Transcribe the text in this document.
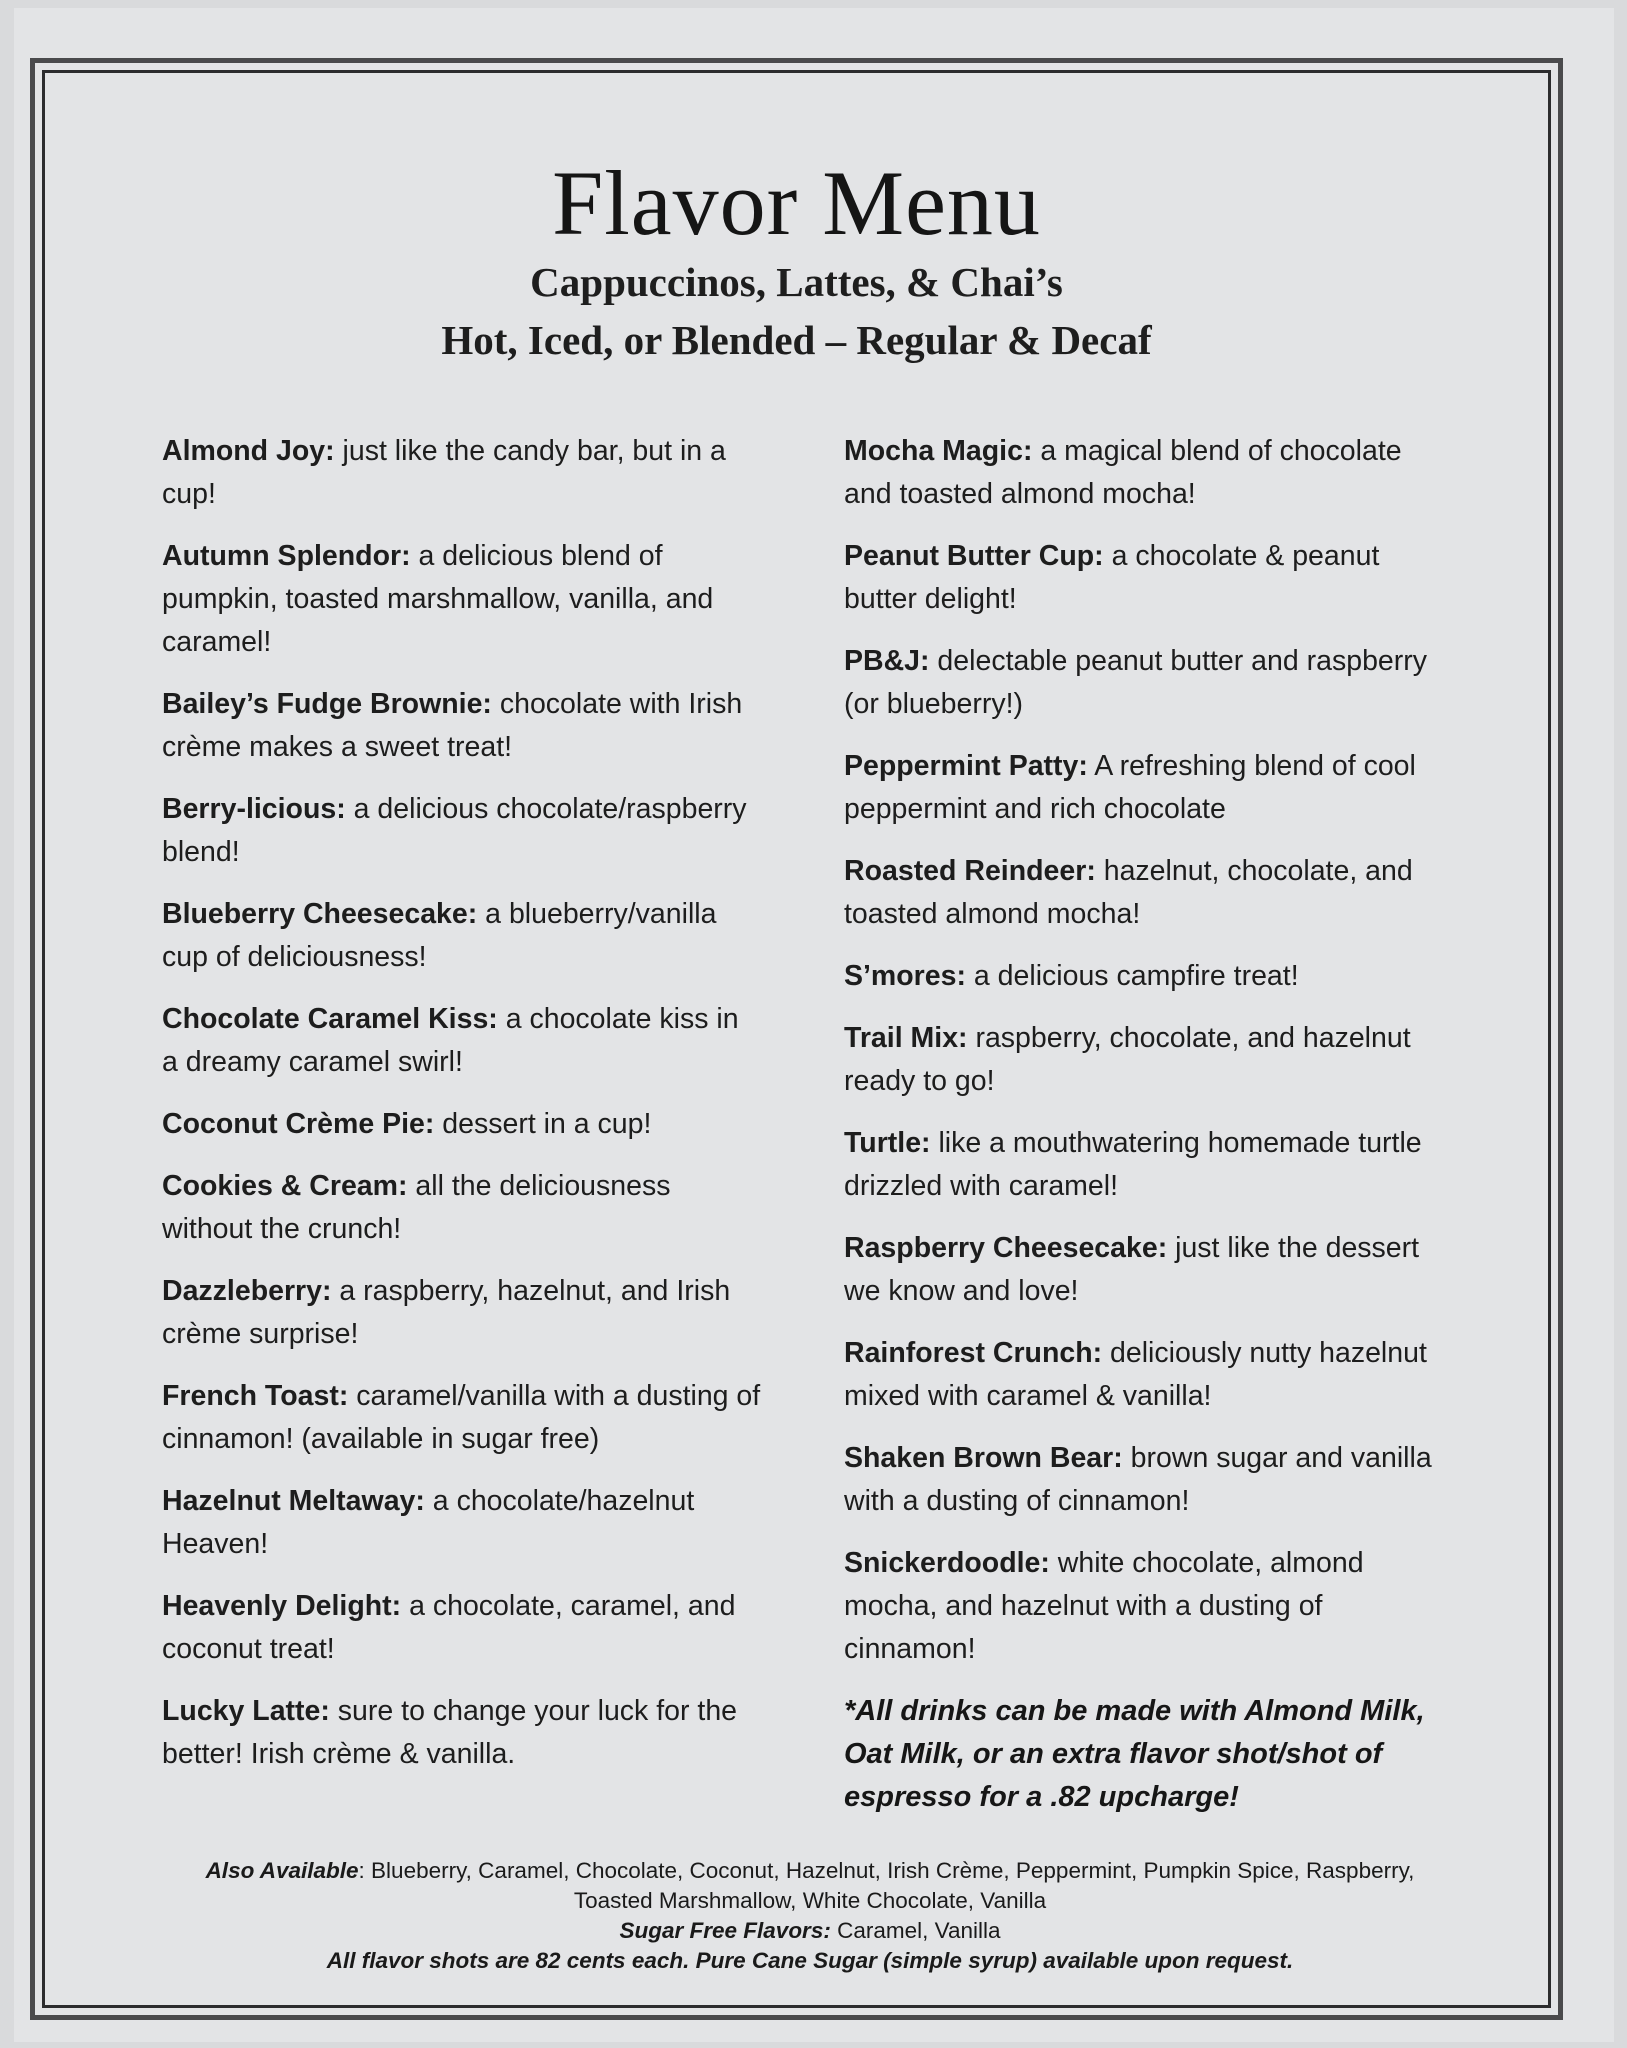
Flavor Menu
Cappuccinos, Lattes, & Chai’s
Hot, Iced, or Blended – Regular & Decaf
Almond Joy: just like the candy bar, but in a cup!
Autumn Splendor: a delicious blend of pumpkin, toasted marshmallow, vanilla, and caramel!
Bailey’s Fudge Brownie: chocolate with Irish crème makes a sweet treat!
Berry-licious: a delicious chocolate/raspberry blend!
Blueberry Cheesecake: a blueberry/vanilla cup of deliciousness!
Chocolate Caramel Kiss: a chocolate kiss in a dreamy caramel swirl!
Coconut Crème Pie: dessert in a cup!
Cookies & Cream: all the deliciousness without the crunch!
Dazzleberry: a raspberry, hazelnut, and Irish crème surprise!
French Toast: caramel/vanilla with a dusting of cinnamon! (available in sugar free)
Hazelnut Meltaway: a chocolate/hazelnut Heaven!
Heavenly Delight: a chocolate, caramel, and coconut treat!
Lucky Latte: sure to change your luck for the better! Irish crème & vanilla.
Mocha Magic: a magical blend of chocolate and toasted almond mocha!
Peanut Butter Cup: a chocolate & peanut butter delight!
PB&J: delectable peanut butter and raspberry (or blueberry!)
Peppermint Patty: A refreshing blend of cool peppermint and rich chocolate
Roasted Reindeer: hazelnut, chocolate, and toasted almond mocha!
S’mores: a delicious campfire treat!
Trail Mix: raspberry, chocolate, and hazelnut ready to go!
Turtle: like a mouthwatering homemade turtle drizzled with caramel!
Raspberry Cheesecake: just like the dessert we know and love!
Rainforest Crunch: deliciously nutty hazelnut mixed with caramel & vanilla!
Shaken Brown Bear: brown sugar and vanilla with a dusting of cinnamon!
Snickerdoodle: white chocolate, almond mocha, and hazelnut with a dusting of cinnamon!
*All drinks can be made with Almond Milk, Oat Milk, or an extra flavor shot/shot of espresso for a .82 upcharge!
Also Available: Blueberry, Caramel, Chocolate, Coconut, Hazelnut, Irish Crème, Peppermint, Pumpkin Spice, Raspberry, Toasted Marshmallow, White Chocolate, Vanilla
Sugar Free Flavors: Caramel, Vanilla
All flavor shots are 82 cents each. Pure Cane Sugar (simple syrup) available upon request.
